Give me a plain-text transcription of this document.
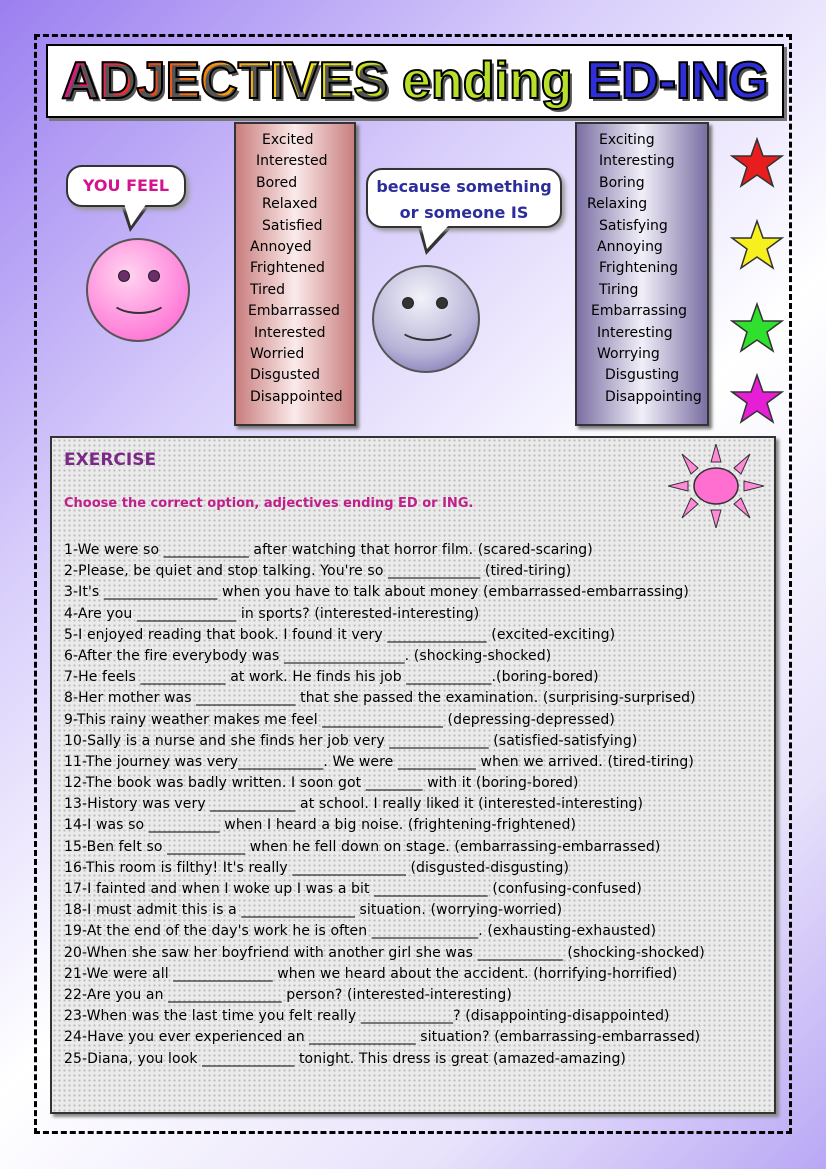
ADJECTIVES ending ED-ING
YOU FEEL	because something
or someone IS
Excited
Interested
Bored
Relaxed
Satisfied
Annoyed
Frightened
Tired
Embarrassed
Interested
Worried
Disgusted
Disappointed
Exciting
Interesting
Boring
Relaxing
Satisfying
Annoying
Frightening
Tiring
Embarrassing
Interesting
Worrying
Disgusting
Disappointing
EXERCISE
Choose the correct option, adjectives ending ED or ING.
1-We were so ____________ after watching that horror film. (scared-scaring)
2-Please, be quiet and stop talking. You're so _____________ (tired-tiring)
3-It's ________________ when you have to talk about money (embarrassed-embarrassing)
4-Are you ______________ in sports? (interested-interesting)
5-I enjoyed reading that book. I found it very ______________ (excited-exciting)
6-After the fire everybody was _________________. (shocking-shocked)
7-He feels ____________ at work. He finds his job ____________.(boring-bored)
8-Her mother was ______________ that she passed the examination. (surprising-surprised)
9-This rainy weather makes me feel _________________ (depressing-depressed)
10-Sally is a nurse and she finds her job very ______________ (satisfied-satisfying)
11-The journey was very____________. We were ___________ when we arrived. (tired-tiring)
12-The book was badly written. I soon got ________ with it (boring-bored)
13-History was very ____________ at school. I really liked it (interested-interesting)
14-I was so __________ when I heard a big noise. (frightening-frightened)
15-Ben felt so ___________ when he fell down on stage. (embarrassing-embarrassed)
16-This room is filthy! It's really ________________ (disgusted-disgusting)
17-I fainted and when I woke up I was a bit ________________ (confusing-confused)
18-I must admit this is a ________________ situation. (worrying-worried)
19-At the end of the day's work he is often _______________. (exhausting-exhausted)
20-When she saw her boyfriend with another girl she was ____________ (shocking-shocked)
21-We were all ______________ when we heard about the accident. (horrifying-horrified)
22-Are you an ________________ person? (interested-interesting)
23-When was the last time you felt really _____________? (disappointing-disappointed)
24-Have you ever experienced an _______________ situation? (embarrassing-embarrassed)
25-Diana, you look _____________ tonight. This dress is great (amazed-amazing)
